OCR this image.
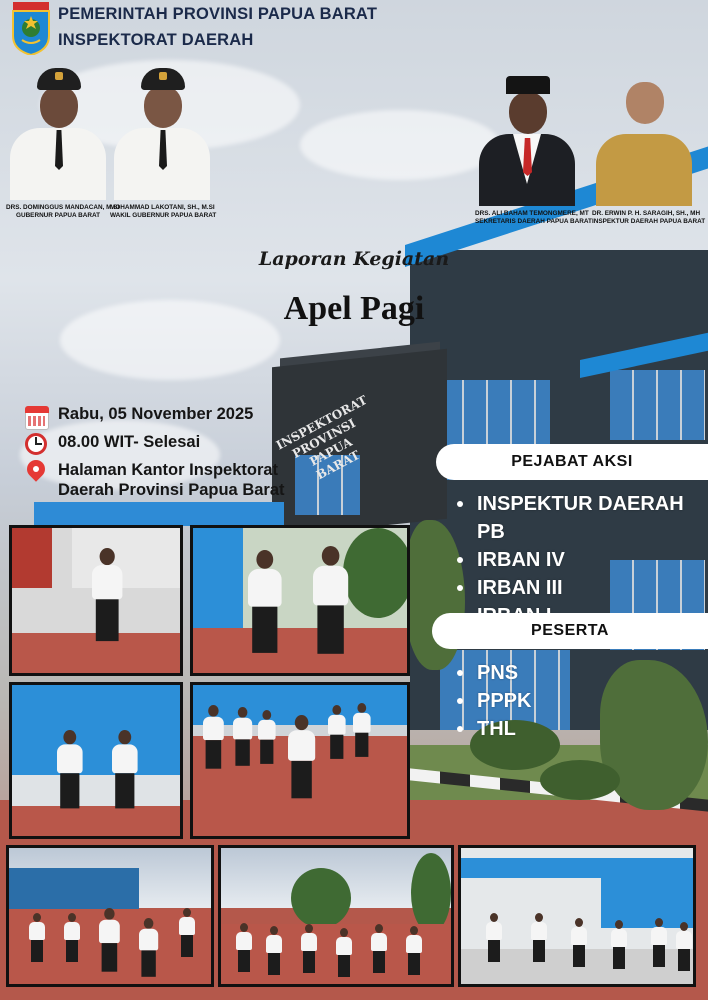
INSPEKTORAT PROVINSI PAPUA BARAT
PEMERINTAH PROVINSI PAPUA BARAT
INSPEKTORAT DAERAH
DRS. DOMINGGUS MANDACAN, M.SI
GUBERNUR PAPUA BARAT
MOHAMMAD LAKOTANI, SH., M.SI
WAKIL GUBERNUR PAPUA BARAT	DRS. ALI BAHAM TEMONGMERE, MT
SEKRETARIS DAERAH PAPUA BARAT
DR. ERWIN P. H. SARAGIH, SH., MH
INSPEKTUR DAERAH PAPUA BARAT
Laporan Kegiatan
Apel Pagi
Rabu, 05 November 2025
08.00 WIT- Selesai
Halaman Kantor Inspektorat
Daerah Provinsi Papua Barat
PEJABAT AKSI
INSPEKTUR DAERAH PB
IRBAN IV
IRBAN III
PESERTA
PNS
PPPK
THL
